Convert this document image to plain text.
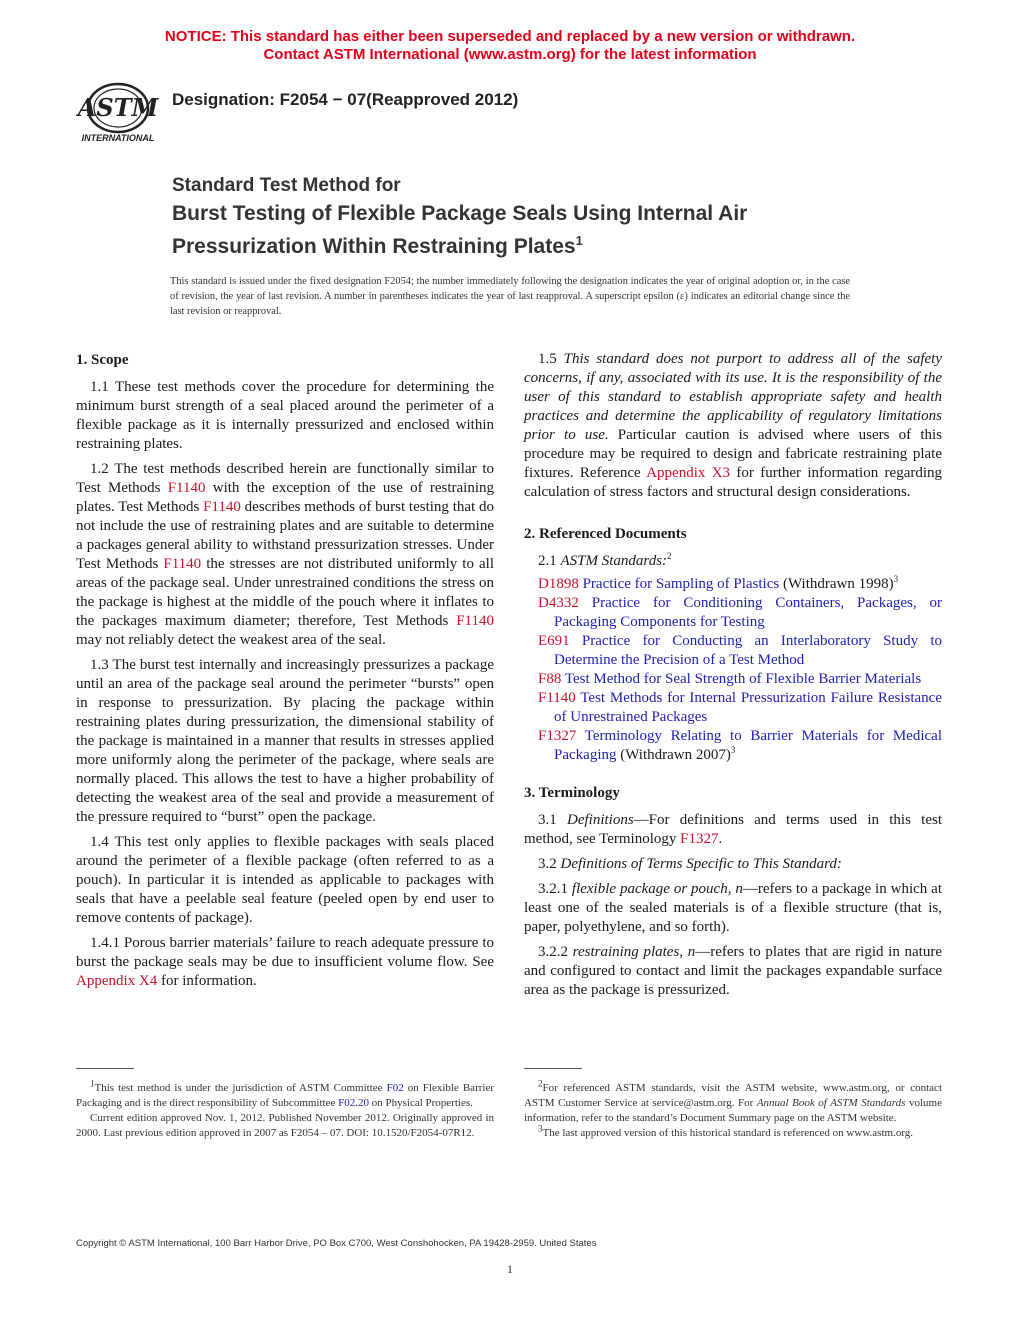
NOTICE: This standard has either been superseded and replaced by a new version or withdrawn.
Contact ASTM International (www.astm.org) for the latest information
ASTM
INTERNATIONAL
Designation: F2054 − 07(Reapproved 2012)
Standard Test Method for
Burst Testing of Flexible Package Seals Using Internal Air Pressurization Within Restraining Plates$^1$
This standard is issued under the fixed designation F2054; the number immediately following the designation indicates the year of original adoption or, in the case of revision, the year of last revision. A number in parentheses indicates the year of last reapproval. A superscript epsilon (ε) indicates an editorial change since the last revision or reapproval.
1. Scope

1.1 These test methods cover the procedure for determining the minimum burst strength of a seal placed around the perimeter of a flexible package as it is internally pressurized and enclosed within restraining plates.

1.2 The test methods described herein are functionally similar to Test Methods F1140 with the exception of the use of restraining plates. Test Methods F1140 describes methods of burst testing that do not include the use of restraining plates and are suitable to determine a packages general ability to withstand pressurization stresses. Under Test Methods F1140 the stresses are not distributed uniformly to all areas of the package seal. Under unrestrained conditions the stress on the package is highest at the middle of the pouch where it inflates to the packages maximum diameter; therefore, Test Methods F1140 may not reliably detect the weakest area of the seal.

1.3 The burst test internally and increasingly pressurizes a package until an area of the package seal around the perimeter “bursts” open in response to pressurization. By placing the package within restraining plates during pressurization, the dimensional stability of the package is maintained in a manner that results in stresses applied more uniformly along the perimeter of the package, where seals are normally placed. This allows the test to have a higher probability of detecting the weakest area of the seal and provide a measurement of the pressure required to “burst” open the package.

1.4 This test only applies to flexible packages with seals placed around the perimeter of a flexible package (often referred to as a pouch). In particular it is intended as applicable to packages with seals that have a peelable seal feature (peeled open by end user to remove contents of package).

1.4.1 Porous barrier materials’ failure to reach adequate pressure to burst the package seals may be due to insufficient volume flow. See Appendix X4 for information.

1.5 This standard does not purport to address all of the safety concerns, if any, associated with its use. It is the responsibility of the user of this standard to establish appropriate safety and health practices and determine the applicability of regulatory limitations prior to use. Particular caution is advised where users of this procedure may be required to design and fabricate restraining plate fixtures. Reference Appendix X3 for further information regarding calculation of stress factors and structural design considerations.

2. Referenced Documents

2.1 ASTM Standards:$^2$

D1898 Practice for Sampling of Plastics (Withdrawn 1998)$^3$

D4332 Practice for Conditioning Containers, Packages, or Packaging Components for Testing

E691 Practice for Conducting an Interlaboratory Study to Determine the Precision of a Test Method

F88 Test Method for Seal Strength of Flexible Barrier Materials

F1140 Test Methods for Internal Pressurization Failure Resistance of Unrestrained Packages

F1327 Terminology Relating to Barrier Materials for Medical Packaging (Withdrawn 2007)$^3$

3. Terminology

3.1 Definitions—For definitions and terms used in this test method, see Terminology F1327.

3.2 Definitions of Terms Specific to This Standard:

3.2.1 flexible package or pouch, n—refers to a package in which at least one of the sealed materials is of a flexible structure (that is, paper, polyethylene, and so forth).

3.2.2 restraining plates, n—refers to plates that are rigid in nature and configured to contact and limit the packages expandable surface area as the package is pressurized.

$^1$This test method is under the jurisdiction of ASTM Committee F02 on Flexible Barrier Packaging and is the direct responsibility of Subcommittee F02.20 on Physical Properties.

Current edition approved Nov. 1, 2012. Published November 2012. Originally approved in 2000. Last previous edition approved in 2007 as F2054 – 07. DOI: 10.1520/F2054-07R12.

$^2$For referenced ASTM standards, visit the ASTM website, www.astm.org, or contact ASTM Customer Service at service@astm.org. For Annual Book of ASTM Standards volume information, refer to the standard’s Document Summary page on the ASTM website.

$^3$The last approved version of this historical standard is referenced on www.astm.org.

Copyright © ASTM International, 100 Barr Harbor Drive, PO Box C700, West Conshohocken, PA 19428-2959. United States
1
